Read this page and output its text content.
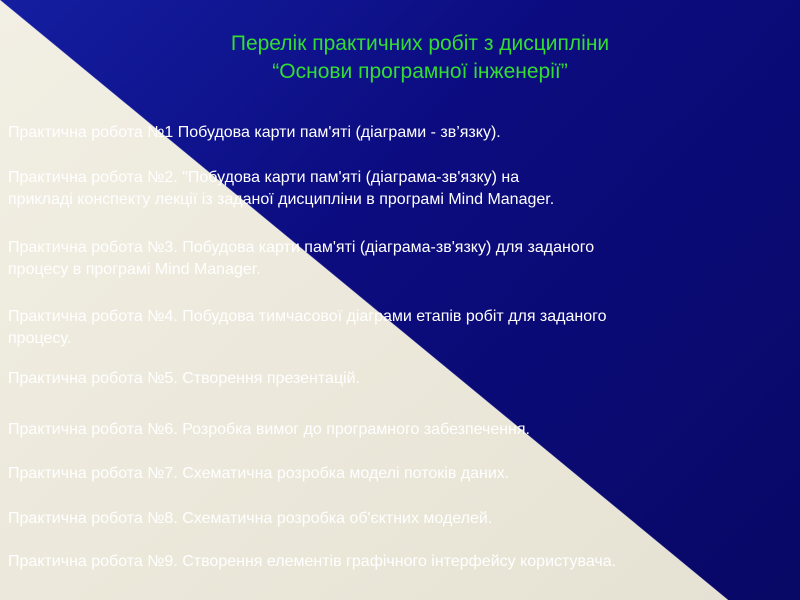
Перелік практичних робіт з дисципліни
“Основи програмної інженерії”
Практична робота №1 Побудова карти пам'яті (діаграми - зв’язку).
Практична робота №2. "Побудова карти пам'яті (діаграма-зв'язку) на
прикладі конспекту лекції із заданої дисципліни в програмі Mind Manager.
Практична робота №3. Побудова карти пам'яті (діаграма-зв'язку) для заданого
процесу в програмі Mind Manager.
Практична робота №4. Побудова тимчасової діаграми етапів робіт для заданого
процесу.
Практична робота №5. Створення презентацій.
Практична робота №6. Розробка вимог до програмного забезпечення.
Практична робота №7. Схематична розробка моделі потоків даних.
Практична робота №8. Схематична розробка об'єктних моделей.
Практична робота №9. Створення елементів графічного інтерфейсу користувача.
